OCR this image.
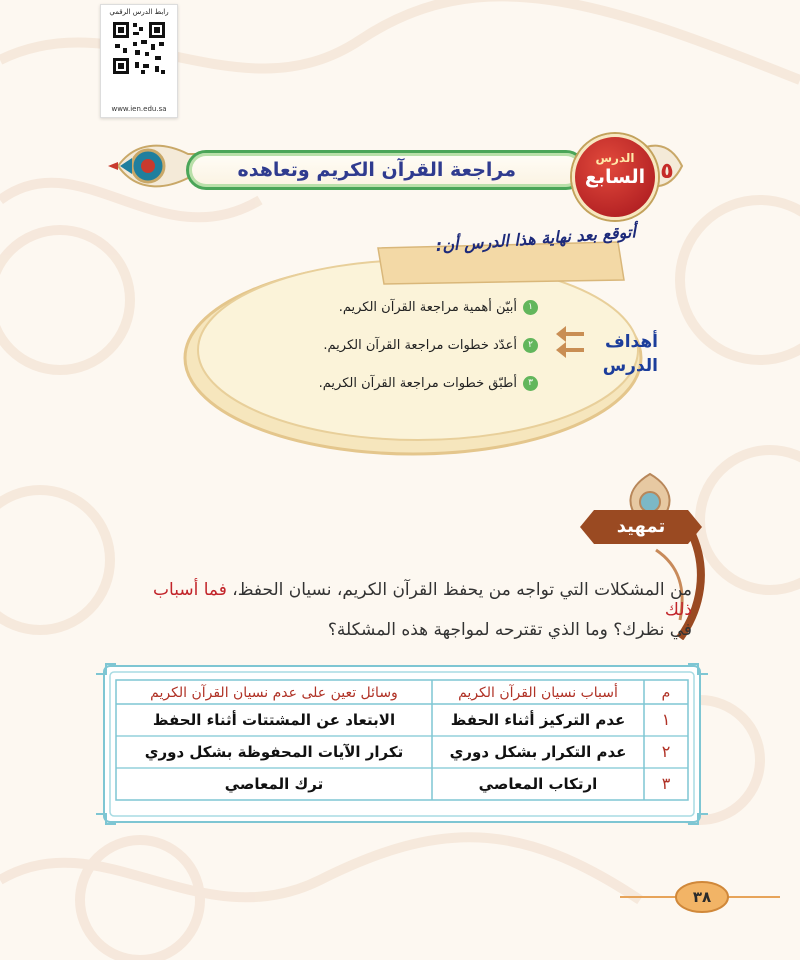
رابط الدرس الرقمي
www.ien.edu.sa
مراجعة القرآن الكريم وتعاهده
الدرس
السابع ٥
أتوقع بعد نهاية هذا الدرس أن:
أهداف الدرس
١أبيّن أهمية مراجعة القرآن الكريم.
٢أعدّد خطوات مراجعة القرآن الكريم.
٣أطبّق خطوات مراجعة القرآن الكريم.
تمهيد
من المشكلات التي تواجه من يحفظ القرآن الكريم، نسيان الحفظ، فما أسباب ذلك
في نظرك؟ وما الذي تقترحه لمواجهة هذه المشكلة؟
م
أسباب نسيان القرآن الكريم
وسائل تعين على عدم نسيان القرآن الكريم
١
عدم التركيز أثناء الحفظ
الابتعاد عن المشتتات أثناء الحفظ
٢
عدم التكرار بشكل دوري
تكرار الآيات المحفوظة بشكل دوري
٣
ارتكاب المعاصي
ترك المعاصي
٣٨
